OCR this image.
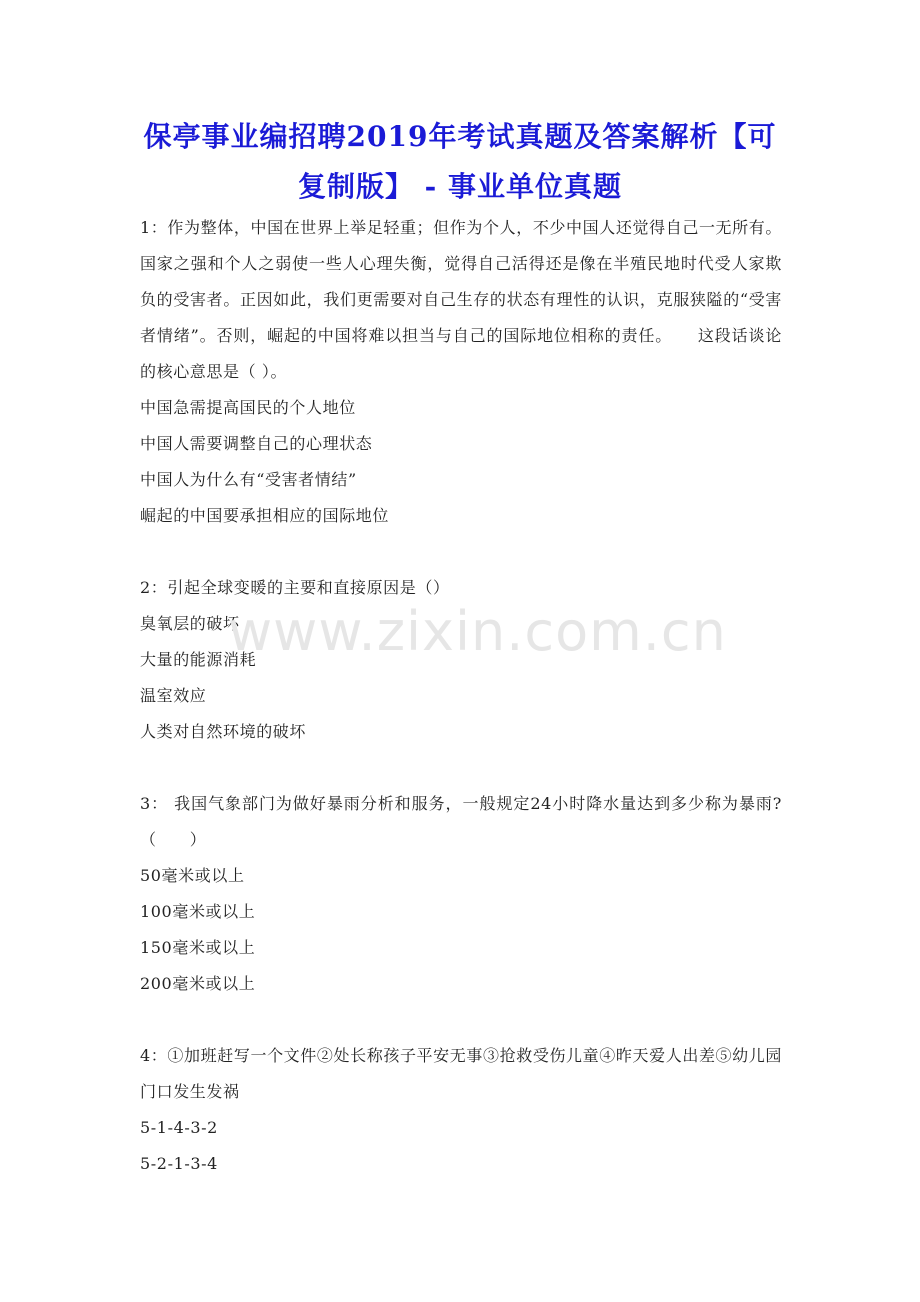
保亭事业编招聘2019年考试真题及答案解析【可复制版】 - 事业单位真题

1：作为整体，中国在世界上举足轻重；但作为个人，不少中国人还觉得自己一无所有。国家之强和个人之弱使一些人心理失衡，觉得自己活得还是像在半殖民地时代受人家欺负的受害者。正因如此，我们更需要对自己生存的状态有理性的认识，克服狭隘的“受害者情绪”。否则，崛起的中国将难以担当与自己的国际地位相称的责任。　　这段话谈论的核心意思是（ ）。

中国急需提高国民的个人地位

中国人需要调整自己的心理状态

中国人为什么有“受害者情结”

崛起的中国要承担相应的国际地位

2：引起全球变暖的主要和直接原因是（）

臭氧层的破坏

大量的能源消耗

温室效应

人类对自然环境的破坏

3： 我国气象部门为做好暴雨分析和服务，一般规定24小时降水量达到多少称为暴雨?（　　）

50毫米或以上

100毫米或以上

150毫米或以上

200毫米或以上

4：①加班赶写一个文件②处长称孩子平安无事③抢救受伤儿童④昨天爱人出差⑤幼儿园门口发生发祸

5-1-4-3-2

5-2-1-3-4

www.zixin.com.cn
